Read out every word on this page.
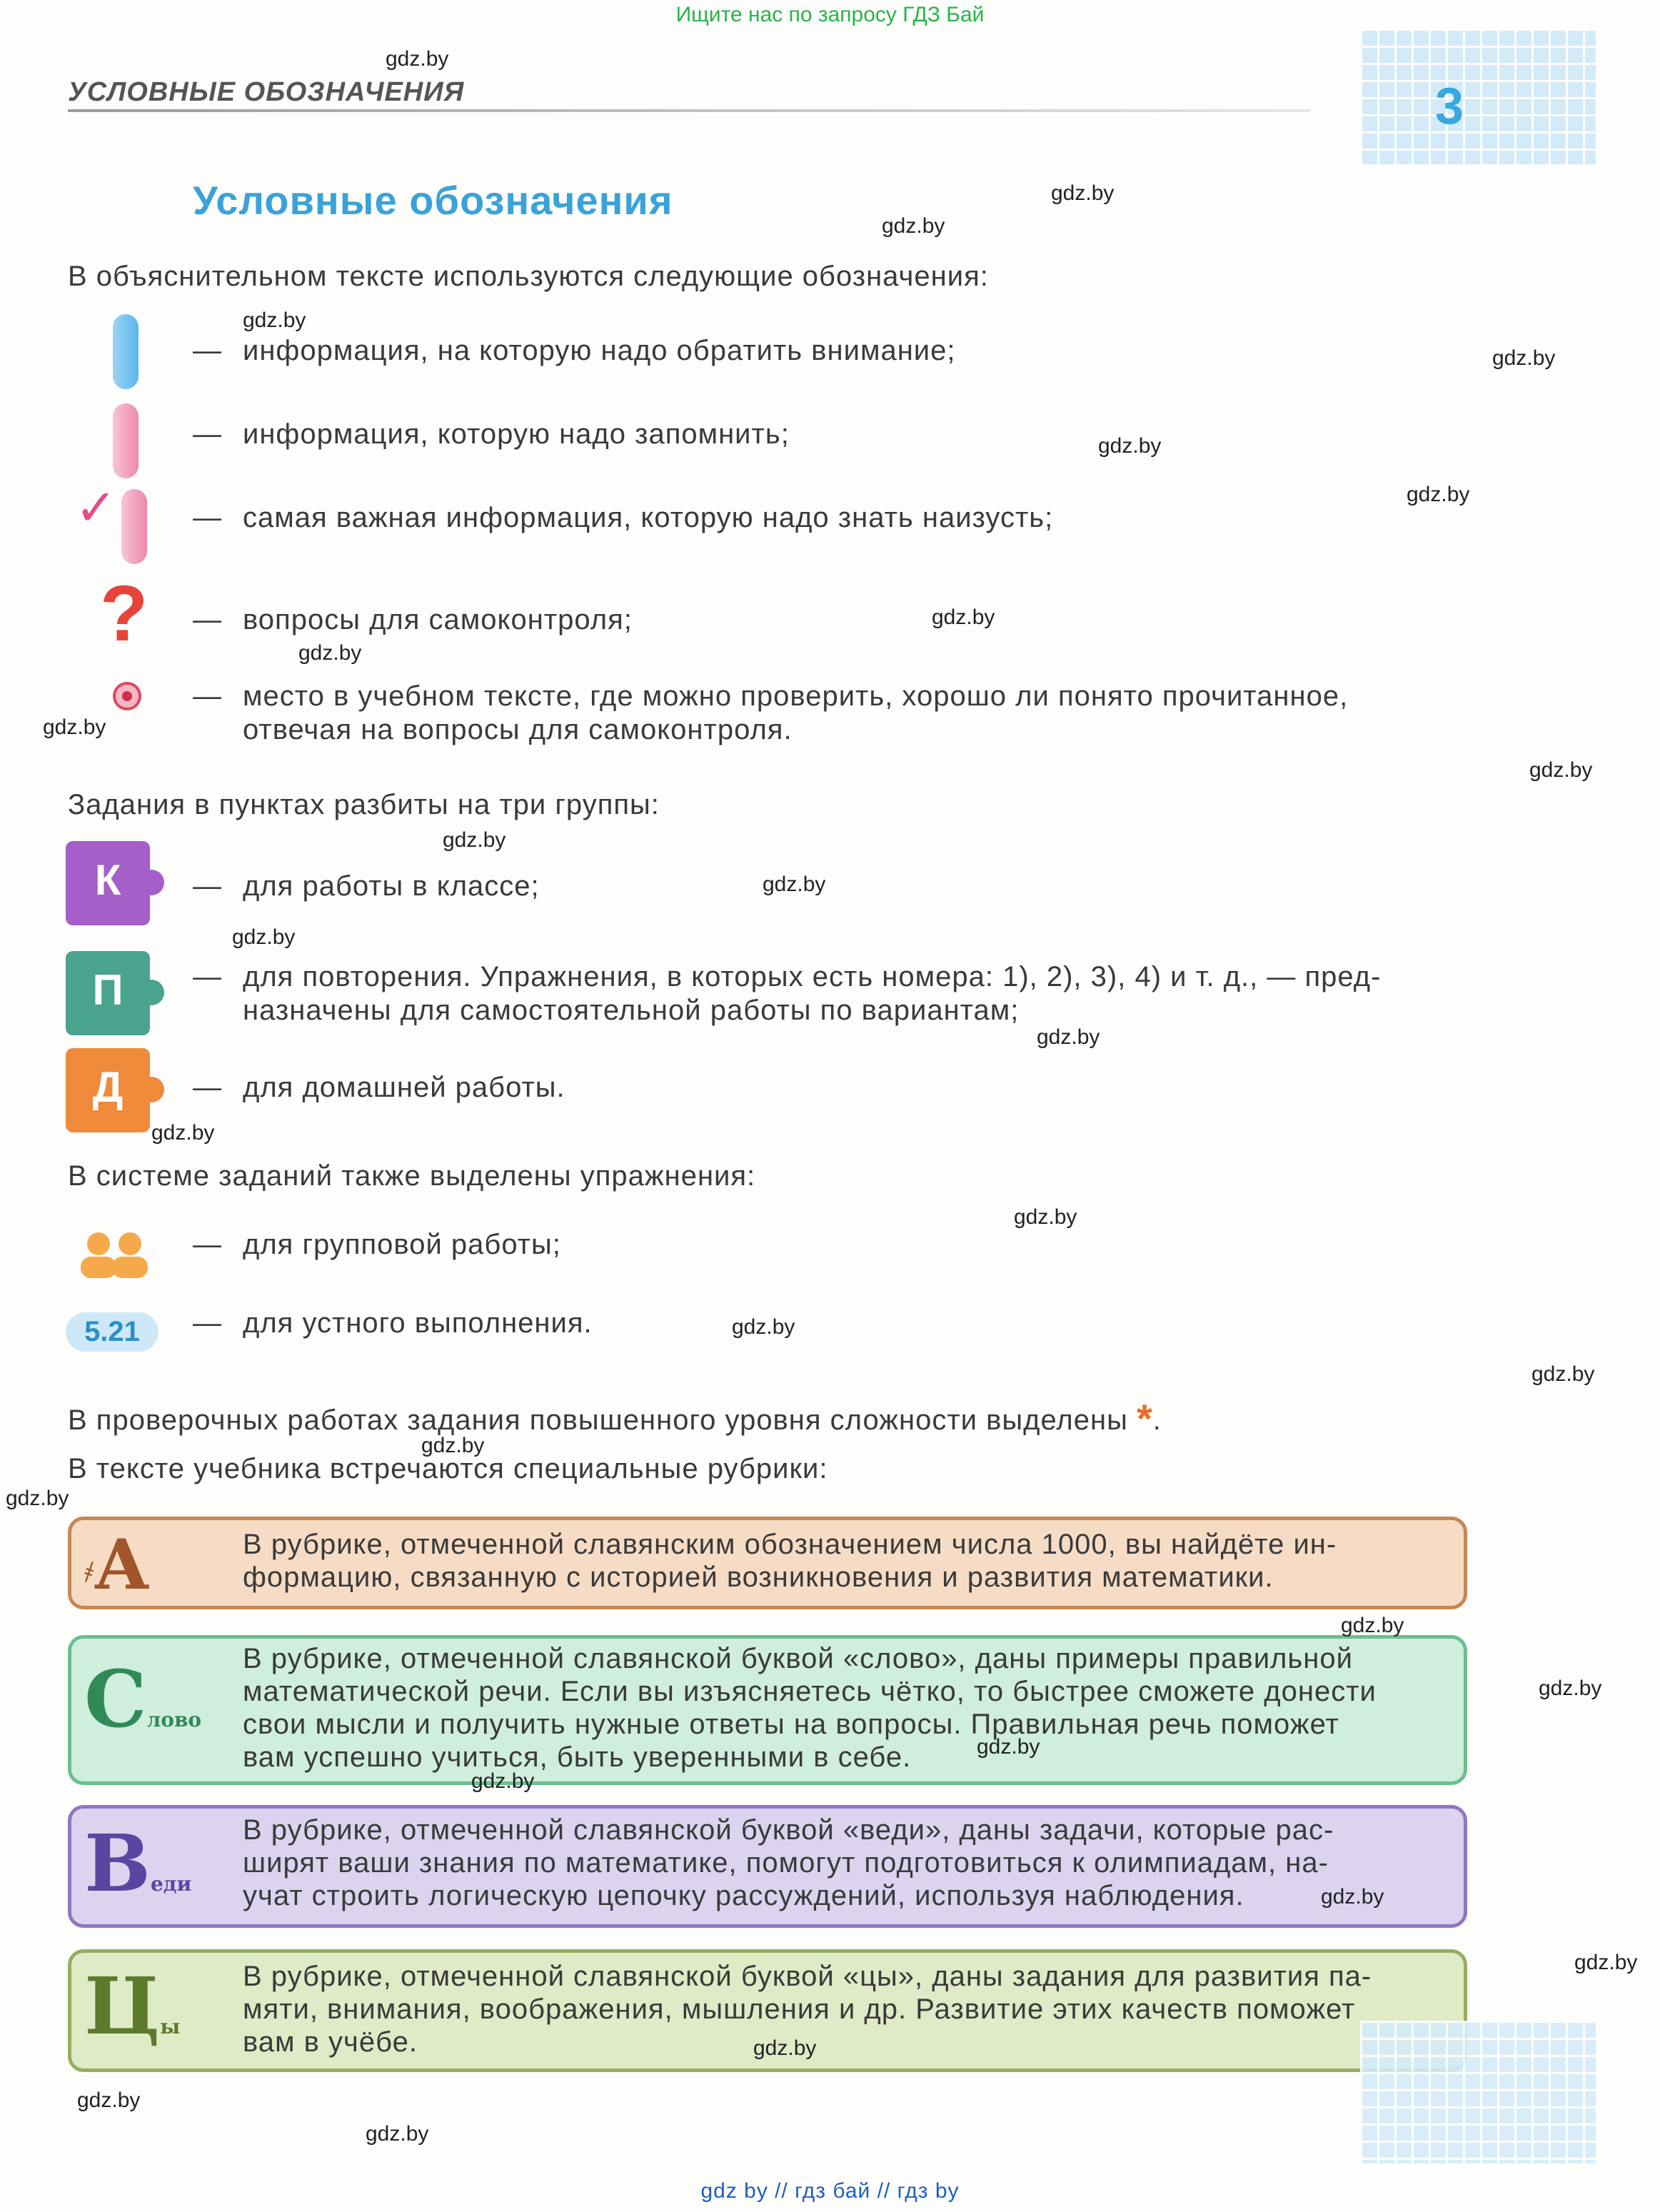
Ищите нас по запросу ГДЗ Бай
УСЛОВНЫЕ ОБОЗНАЧЕНИЯ	3
Условные обозначения
В объяснительном тексте используются следующие обозначения:
— информация, на которую надо обратить внимание;
— информация, которую надо запомнить;
✓	— самая важная информация, которую надо знать наизусть;
? — вопросы для самоконтроля;
— место в учебном тексте, где можно проверить, хорошо ли понято прочитанное,
отвечая на вопросы для самоконтроля.
Задания в пунктах разбиты на три группы:
К	— для работы в классе;
П	— для повторения. Упражнения, в которых есть номера: 1), 2), 3), 4) и т. д., — пред-
назначены для самостоятельной работы по вариантам;
Д	— для домашней работы.
В системе заданий также выделены упражнения:
— для групповой работы;
5.21	— для устного выполнения.
В проверочных работах задания повышенного уровня сложности выделены *.
В тексте учебника встречаются специальные рубрики:
҂А	В рубрике, отмеченной славянским обозначением числа 1000, вы найдёте ин-
формацию, связанную с историей возникновения и развития математики.
Слово
В рубрике, отмеченной славянской буквой «слово», даны примеры правильной
математической речи. Если вы изъясняетесь чётко, то быстрее сможете донести
свои мысли и получить нужные ответы на вопросы. Правильная речь поможет
вам успешно учиться, быть уверенными в себе.
Веди
В рубрике, отмеченной славянской буквой «веди», даны задачи, которые рас-
ширят ваши знания по математике, помогут подготовиться к олимпиадам, на-
учат строить логическую цепочку рассуждений, используя наблюдения.
Цы
В рубрике, отмеченной славянской буквой «цы», даны задания для развития па-
мяти, внимания, воображения, мышления и др. Развитие этих качеств поможет
вам в учёбе.
gdz.by
gdz.by
gdz.by
gdz.by
gdz.by
gdz.by
gdz.by
gdz.by
gdz.by
gdz.by
gdz.by
gdz.by
gdz.by
gdz.by
gdz.by
gdz.by
gdz.by
gdz.by
gdz.by
gdz.by
gdz.by
gdz.by
gdz.by
gdz.by
gdz.by
gdz.by
gdz.by
gdz.by
gdz.by
gdz.by
gdz by // гдз бай // гдз by
